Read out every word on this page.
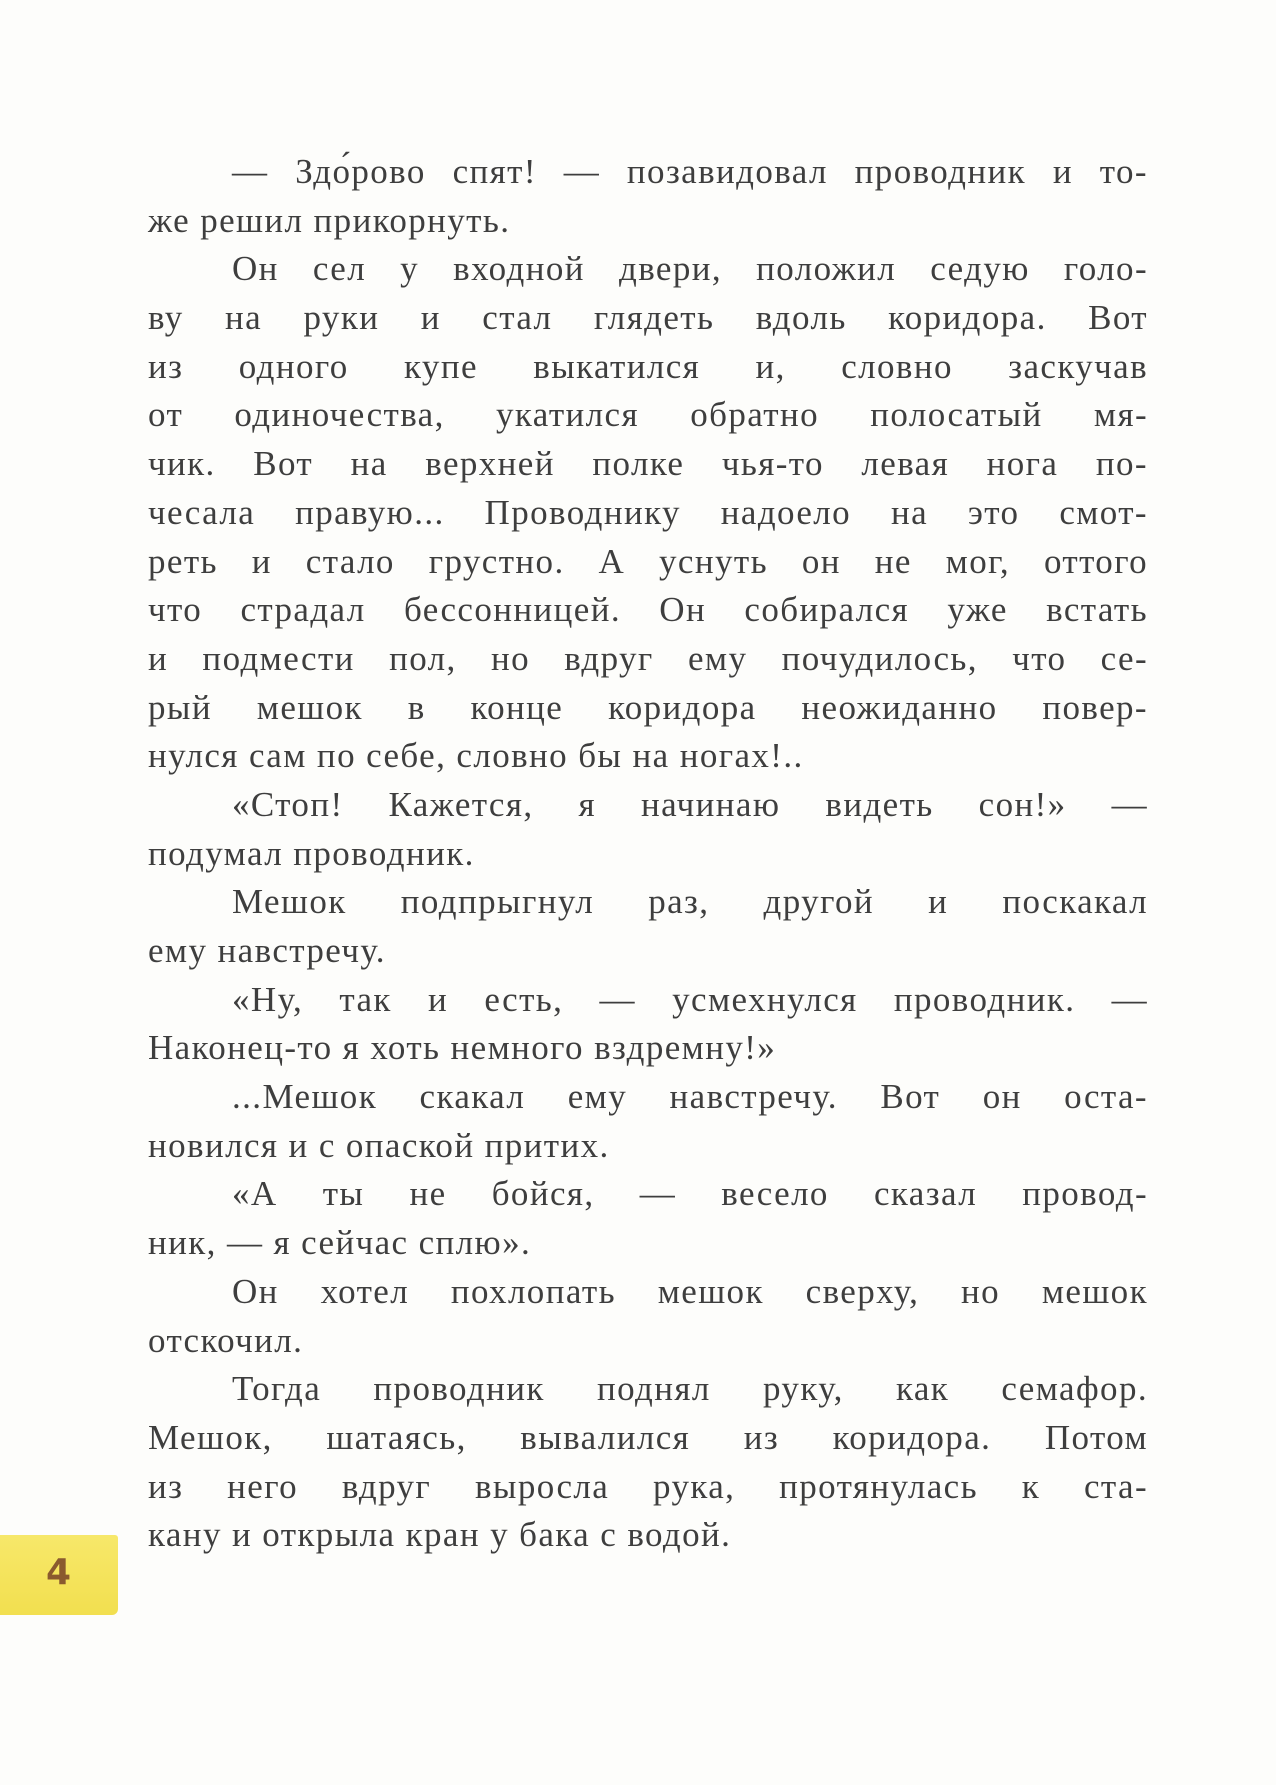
— Здо́рово спят! — позавидовал проводник и то-
же решил прикорнуть.
Он сел у входной двери, положил седую голо-
ву на руки и стал глядеть вдоль коридора. Вот
из одного купе выкатился и, словно заскучав
от одиночества, укатился обратно полосатый мя-
чик. Вот на верхней полке чья-то левая нога по-
чесала правую... Проводнику надоело на это смот-
реть и стало грустно. А уснуть он не мог, оттого
что страдал бессонницей. Он собирался уже встать
и подмести пол, но вдруг ему почудилось, что се-
рый мешок в конце коридора неожиданно повер-
нулся сам по себе, словно бы на ногах!..
«Стоп! Кажется, я начинаю видеть сон!» —
подумал проводник.
Мешок подпрыгнул раз, другой и поскакал
ему навстречу.
«Ну, так и есть, — усмехнулся проводник. —
Наконец-то я хоть немного вздремну!»
...Мешок скакал ему навстречу. Вот он оста-
новился и с опаской притих.
«А ты не бойся, — весело сказал провод-
ник, — я сейчас сплю».
Он хотел похлопать мешок сверху, но мешок
отскочил.
Тогда проводник поднял руку, как семафор.
Мешок, шатаясь, вывалился из коридора. Потом
из него вдруг выросла рука, протянулась к ста-
кану и открыла кран у бака с водой.
4
